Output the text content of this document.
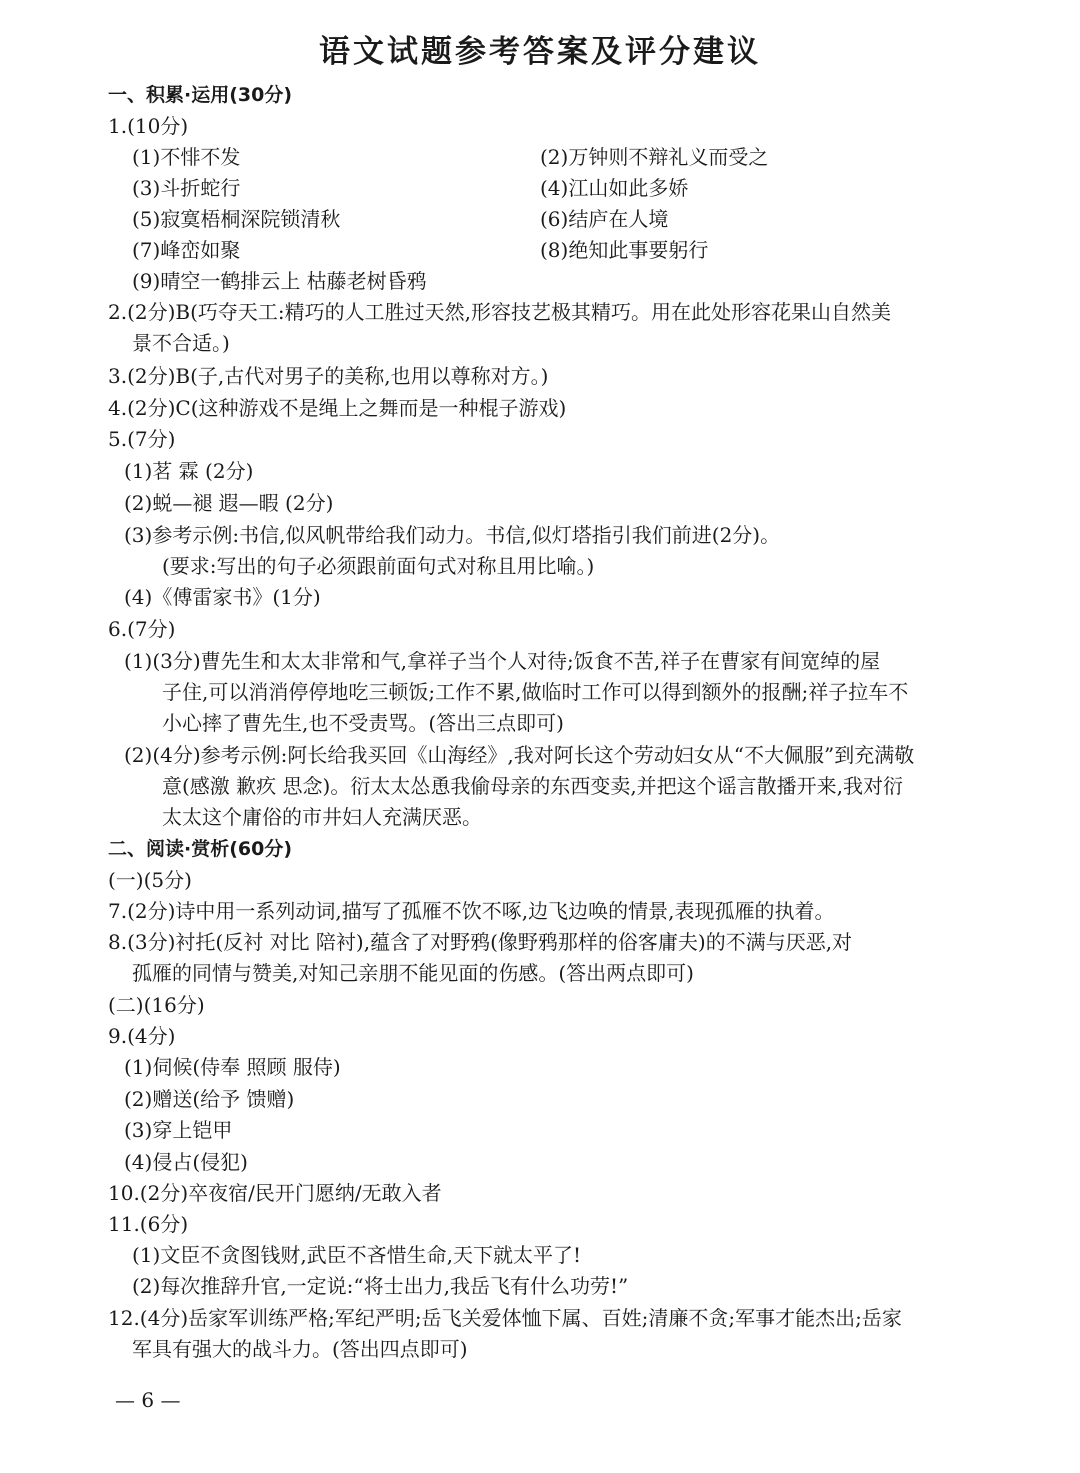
语文试题参考答案及评分建议
一、积累·运用(30分)
1.(10分)
(1)不悱不发	(2)万钟则不辩礼义而受之
(3)斗折蛇行	(4)江山如此多娇
(5)寂寞梧桐深院锁清秋	(6)结庐在人境
(7)峰峦如聚	(8)绝知此事要躬行
(9)晴空一鹤排云上 枯藤老树昏鸦
2.(2分)B(巧夺天工:精巧的人工胜过天然,形容技艺极其精巧。用在此处形容花果山自然美
景不合适。)
3.(2分)B(子,古代对男子的美称,也用以尊称对方。)
4.(2分)C(这种游戏不是绳上之舞而是一种棍子游戏)
5.(7分)
(1)茗 霖 (2分)
(2)蜕—褪 遐—暇 (2分)
(3)参考示例:书信,似风帆带给我们动力。书信,似灯塔指引我们前进(2分)。
(要求:写出的句子必须跟前面句式对称且用比喻。)
(4)《傅雷家书》(1分)
6.(7分)
(1)(3分)曹先生和太太非常和气,拿祥子当个人对待;饭食不苦,祥子在曹家有间宽绰的屋
子住,可以消消停停地吃三顿饭;工作不累,做临时工作可以得到额外的报酬;祥子拉车不
小心摔了曹先生,也不受责骂。(答出三点即可)
(2)(4分)参考示例:阿长给我买回《山海经》,我对阿长这个劳动妇女从“不大佩服”到充满敬
意(感激 歉疚 思念)。衍太太怂恿我偷母亲的东西变卖,并把这个谣言散播开来,我对衍
太太这个庸俗的市井妇人充满厌恶。
二、阅读·赏析(60分)
(一)(5分)
7.(2分)诗中用一系列动词,描写了孤雁不饮不啄,边飞边唤的情景,表现孤雁的执着。
8.(3分)衬托(反衬 对比 陪衬),蕴含了对野鸦(像野鸦那样的俗客庸夫)的不满与厌恶,对
孤雁的同情与赞美,对知己亲朋不能见面的伤感。(答出两点即可)
(二)(16分)
9.(4分)
(1)伺候(侍奉 照顾 服侍)
(2)赠送(给予 馈赠)
(3)穿上铠甲
(4)侵占(侵犯)
10.(2分)卒夜宿/民开门愿纳/无敢入者
11.(6分)
(1)文臣不贪图钱财,武臣不吝惜生命,天下就太平了!
(2)每次推辞升官,一定说:“将士出力,我岳飞有什么功劳!”
12.(4分)岳家军训练严格;军纪严明;岳飞关爱体恤下属、百姓;清廉不贪;军事才能杰出;岳家
军具有强大的战斗力。(答出四点即可)
— 6 —
